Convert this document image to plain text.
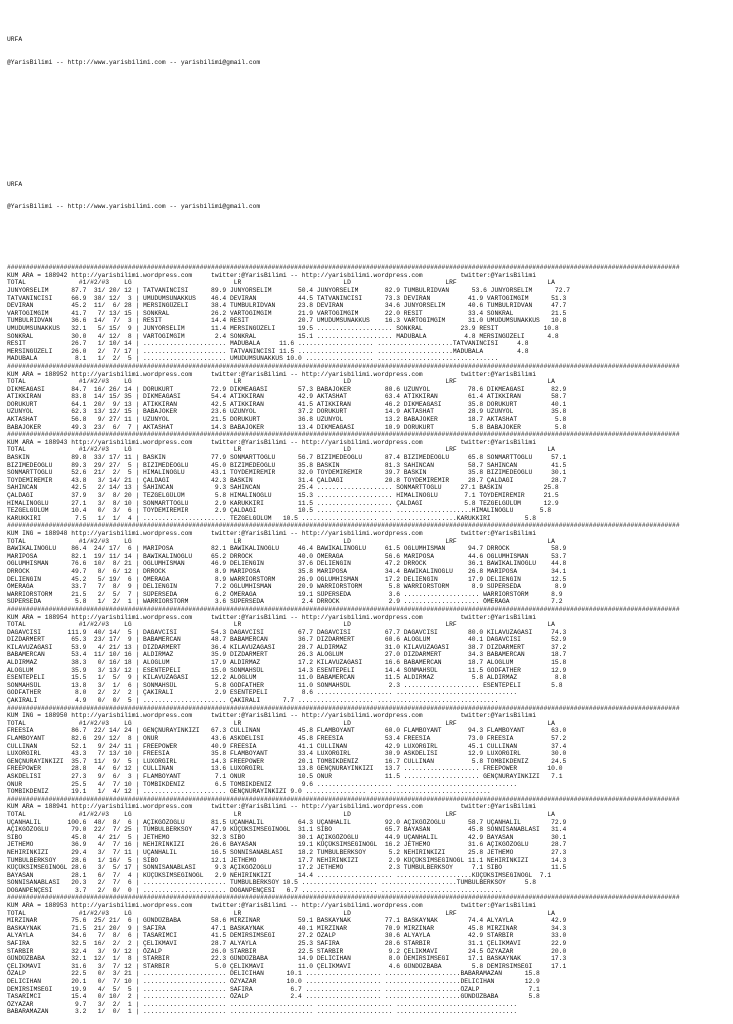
URFA

@YarisBilimi -- http://www.yarisbilimi.com -- yarisbilimi@gmail.com

URFA

@YarisBilimi -- http://www.yarisbilimi.com -- yarisbilimi@gmail.com

##################################################################################################################################################################################
KUM ARA = 188942 http://yarisbilimi.wordpress.com     twitter:@YarisBilimi -- http://yarisbilimi.wordpress.com          twitter:@YarisBilimi
TOTAL              #1/#2/#3    LG                           LR                           LD                         LRF                        LA
JUNYORSELIM      87.7  31/ 20/ 12 | TATVANINCISI      89.9 JUNYORSELIM       50.4 JUNYORSELIM       82.9 TUMBULRIDVAN      53.6 JUNYORSELIM      72.7
TATVANINCISI     66.9  38/ 12/  3 | UMUDUMSUNAKKUS    46.4 DEVIRAN           44.5 TATVANINCISI      73.3 DEVIRAN          41.9 VARTOGIMGIM      51.3
DEVIRAN          45.2  11/  6/ 28 | MERSINGÜZELI      38.4 TUMBULRIDVAN      23.8 DEVIRAN           34.6 JUNYORSELIM      40.6 TUMBULRIDVAN     47.7
VARTOGIMGIM      41.7   7/ 13/ 15 | SONKRAL           26.2 VARTOGIMGIM       21.9 VARTOGIMGIM       22.0 RESIT            33.4 SONKRAL          21.5
TUMBULRIDVAN     36.6  14/  7/  3 | RESIT             14.4 RESIT             20.7 UMUDUMSUNAKKUS    16.3 VARTOGIMGIM      31.0 UMUDUMSUNAKKUS   10.8
UMUDUMSUNAKKUS   32.1   5/ 15/  9 | JUNYORSELIM       11.4 MERSINGÜZELI      19.5 .................... SONKRAL          23.9 RESIT            10.8
SONKRAL          30.0   4/ 12/  8 | VARTOGIMGIM        2.4 SONKRAL           15.1 .................... MADUBALA          4.8 MERSINGÜZELI      4.8
RESIT            26.7   1/ 10/ 14 | ...................... MADUBALA     11.6 .................... ....................TATVANINCISI     4.8
MERSINGÜZELI     26.0   2/  7/ 17 | ...................... TATVANINCISI 11.5 .................... ....................MADUBALA         4.8
MADUBALA          8.1   1/  2/  5 | ...................... UMUDUMSUNAKKUS 10.0 .................. ................................
##################################################################################################################################################################################
KUM ARA = 188952 http://yarisbilimi.wordpress.com     twitter:@YarisBilimi -- http://yarisbilimi.wordpress.com          twitter:@YarisBilimi
TOTAL              #1/#2/#3    LG                           LR                           LD                         LRF                        LA
DIKMEAGASI       84.7  16/ 26/ 14 | DORUKURT          72.9 DIKMEAGASI        57.3 BABAJOKER         80.6 UZUNYOL          78.6 DIKMEAGASI       82.9
ATIKKIRAN        83.8  14/ 15/ 35 | DIKMEAGASI        54.4 ATIKKIRAN         42.9 AKTASHAT          63.4 ATIKKIRAN        61.4 ATIKKIRAN        58.7
DORUKURT         64.1  20/  9/ 13 | ATIKKIRAN         42.5 ATIKKIRAN         41.5 ATIKKIRAN         46.2 DIKMEAGASI       35.8 DORUKURT         40.1
UZUNYOL          62.3  13/ 12/ 15 | BABAJOKER         23.6 UZUNYOL           37.2 DORUKURT          14.9 AKTASHAT         28.9 UZUNYOL          35.8
AKTASHAT         56.8   9/ 27/ 11 | UZUNYOL           21.5 DORUKURT          36.8 UZUNYOL           13.2 BABAJOKER        18.7 AKTASHAT          5.8
BABAJOKER        49.3  23/  6/  7 | AKTASHAT          14.3 BABAJOKER         13.4 DIKMEAGASI        10.9 DORUKURT          5.8 BABAJOKER         5.8
##################################################################################################################################################################################
KUM ARA = 188943 http://yarisbilimi.wordpress.com     twitter:@YarisBilimi -- http://yarisbilimi.wordpress.com          twitter:@YarisBilimi
TOTAL              #1/#2/#3    LG                           LR                           LD                         LRF                        LA
BASKIN           89.8  33/ 17/ 11 | BASKIN            77.9 SONMARTTOGLU      56.7 BIZIMEDEOGLU      87.4 BIZIMEDEOGLU     65.8 SONMARTTOGLU     57.1
BIZIMEDEOGLU     89.3  29/ 27/  5 | BIZIMEDEOGLU      45.0 BIZIMEDEOGLU      35.8 BASKIN            81.3 SAHINCAN         58.7 SAHINCAN         41.5
SONMARTTOGLU     52.6  21/  2/  5 | HIMALINOGLU       43.1 TOYDEMIREMIR      32.0 TOYDEMIREMIR      39.7 BASKIN           35.8 BIZIMEDEOGLU     30.1
TOYDEMIREMIR     43.8   3/ 14/ 21 | ÇALDAGI           42.3 BASKIN            31.4 ÇALDAGI           20.8 TOYDEMIREMIR     28.7 ÇALDAGI          28.7
SAHINCAN         42.5   2/ 14/ 13 | SAHINCAN           9.3 SAHINCAN          25.4 .................... SONMARTTOGLU     27.1 BASKIN           25.8
ÇALDAGI          37.9   3/  8/ 20 | TEZGELGÜLÜM        5.8 HIMALINOGLU       15.3 .................... HIMALINOGLU       7.1 TOYDEMIREMIR     21.5
HIMALINOGLU      27.1   3/  8/ 10 | SONMARTTOGLU       2.9 KARUKKIRI         11.5 .................... ÇALDAGI           5.8 TEZGELGÜLÜM      12.9
TEZGELGÜLÜM      10.4   0/  3/  6 | TOYDEMIREMIR       2.9 ÇALDAGI           10.5 .................... ....................HIMALINOGLU       5.8
KARUKKIRI         7.5   1/  1/  4 | ...................... TEZGELGÜLÜM   10.5 .................... ....................KARUKKIRI         5.8
##################################################################################################################################################################################
KUM ING = 188948 http://yarisbilimi.wordpress.com     twitter:@YarisBilimi -- http://yarisbilimi.wordpress.com          twitter:@YarisBilimi
TOTAL              #1/#2/#3    LG                           LR                           LD                         LRF                        LA
BAWIKALINOGLU    86.4  24/ 17/  6 | MARIPOSA          82.1 BAWIKALINOGLU     46.4 BAWIKALINOGLU     61.5 OGLUMHISMAN      94.7 DRROCK           58.9
MARIPOSA         82.1  19/ 11/ 14 | BAWIKALINOGLU     65.2 DRROCK            40.0 ÖMERAGA           56.6 MARIPOSA         44.6 OGLUMHISMAN      53.7
OGLUMHISMAN      76.6  10/  8/ 21 | OGLUMHISMAN       46.9 DELIENGIN         37.6 DELIENGIN         47.2 DRROCK           36.1 BAWIKALINOGLU    44.8
DRROCK           49.7   8/  6/ 12 | DRROCK             8.9 MARIPOSA          35.8 MARIPOSA          34.4 BAWIKALINOGLU    26.8 MARIPOSA         34.1
DELIENGIN        45.2   5/ 19/  6 | ÖMERAGA            8.9 WARRIORSTORM      26.9 OGLUMHISMAN       17.2 DELIENGIN        17.9 DELIENGIN        12.5
ÖMERAGA          33.7   7/  8/  9 | DELIENGIN          7.2 OGLUMHISMAN       20.9 WARRIORSTORM       5.8 WARRIORSTORM      8.9 SÜPERSEDA         8.9
WARRIORSTORM     21.5   2/  5/  7 | SÜPERSEDA          6.2 ÖMERAGA           19.1 SÜPERSEDA          3.6 .................... WARRIORSTORM      8.9
SÜPERSEDA         5.8   1/  2/  1 | WARRIORSTORM       3.6 SÜPERSEDA          2.4 DRROCK             2.9 .................... ÖMERAGA           7.2
##################################################################################################################################################################################
KUM ARA = 188954 http://yarisbilimi.wordpress.com     twitter:@YarisBilimi -- http://yarisbilimi.wordpress.com          twitter:@YarisBilimi
TOTAL              #1/#2/#3    LG                           LR                           LD                         LRF                        LA
DAGAVCISI       111.9  40/ 14/  5 | DAGAVCISI         54.3 DAGAVCISI         67.7 DAGAVCISI         67.7 DAGAVCISI        80.0 KILAVUZAGASI     74.3
DIZDARMERT       65.3  23/ 17/  9 | BABAMERCAN        48.7 BABAMERCAN        36.7 DIZDARMERT        60.6 ALOGLUM          40.1 DAGAVCISI        52.9
KILAVUZAGASI     53.9   4/ 21/ 13 | DIZDARMERT        36.4 KILAVUZAGASI      28.7 ALDIRMAZ          31.0 KILAVUZAGASI     38.7 DIZDARMERT       37.2
BABAMERCAN       53.4  11/ 10/ 16 | ALDIRMAZ          35.9 DIZDARMERT        26.3 ALOGLUM           27.0 DIZDARMERT       34.3 BABAMERCAN       18.7
ALDIRMAZ         38.3   0/ 16/ 18 | ALOGLUM           17.9 ALDIRMAZ          17.2 KILAVUZAGASI      16.6 BABAMERCAN       18.7 ALOGLUM          15.8
ALOGLUM          35.9   3/ 13/ 12 | ESENTEPELI        15.0 SONMAHSÜL         14.3 ESENTEPELI        14.4 SONMAHSÜL        11.5 GODFATHER        12.9
ESENTEPELI       15.5   1/  5/  9 | KILAVUZAGASI      12.2 ALOGLUM           11.0 BABAMERCAN        11.5 ALDIRMAZ          5.8 ALDIRMAZ          8.8
SONMAHSÜL        13.8   3/  1/  6 | SONMAHSÜL          5.8 GODFATHER         11.0 SONMAHSÜL          2.3 .................... ESENTEPELI        5.8
GODFATHER         8.0   2/  2/  2 | ÇAKIRALI           2.9 ESENTEPELI         8.6 .................... ................................
ÇAKIRALI          4.9   0/  0/  5 | ...................... ÇAKIRALI      7.7 .................... ................................
##################################################################################################################################################################################
KUM ING = 188950 http://yarisbilimi.wordpress.com     twitter:@YarisBilimi -- http://yarisbilimi.wordpress.com          twitter:@YarisBilimi
TOTAL              #1/#2/#3    LG                           LR                           LD                         LRF                        LA
FREESIA          86.7  22/ 14/ 24 | GENÇNURAYINKIZI   67.3 CULLINAN          45.8 FLAMBOYANT        60.0 FLAMBOYANT       94.3 FLAMBOYANT       63.0
FLAMBOYANT       82.6  29/ 12/  8 | ONUR              43.6 ASKDELISI         45.8 FREESIA           53.4 FREESIA          73.0 FREESIA          57.2
CULLINAN         52.1   9/ 24/ 11 | FREEPOWER         40.9 FREESIA           41.1 CULLINAN          42.9 LUXORGIRL        45.1 CULLINAN         37.4
LUXORGIRL        43.3   7/ 13/ 10 | FREESIA           35.8 FLAMBOYANT        33.4 LUXORGIRL         30.9 ASKDELISI        12.9 LUXORGIRL        30.0
GENÇNURAYINKIZI  35.7  11/  9/  5 | LUXORGIRL         14.3 FREEPOWER         20.1 TOMBIKDENIZ       16.7 CULLINAN          5.8 TOMBIKDENIZ      24.5
FREEPOWER        28.8   4/  6/ 12 | CULLINAN          13.6 LUXORGIRL         13.8 GENÇNURAYINKIZI   13.7 .................... FREEPOWER        10.0
ASKDELISI        27.3   9/  6/  3 | FLAMBOYANT         7.1 ONUR              10.5 ONUR              11.5 .................... GENÇNURAYINKIZI   7.1
ONUR             25.5   4/  7/ 10 | TOMBIKDENIZ        6.5 TOMBIKDENIZ        9.6 .................... ................................
TOMBIKDENIZ      19.1   1/  4/ 12 | ...................... GENÇNURAYINKIZI 9.0 ................ ................................
##################################################################################################################################################################################
KUM ARA = 188941 http://yarisbilimi.wordpress.com     twitter:@YarisBilimi -- http://yarisbilimi.wordpress.com          twitter:@YarisBilimi
TOTAL              #1/#2/#3    LG                           LR                           LD                         LRF                        LA
UÇANHALIL       100.6  48/  8/  6 | AÇIKGÖZOGLU       81.5 UÇANHALIL         64.3 UÇANHALIL         92.0 AÇIKGÖZOGLU      58.7 UÇANHALIL        72.9
AÇIKGÖZOGLU      79.0  22/  7/ 25 | TUMBULBERKSOY     47.9 KÜÇÜKSIMSEGINOGL  31.1 SIBO              65.7 BAYASAN          45.8 SONNISANABLASI   31.4
SIBO             45.8   4/ 21/  5 | JETHEMO           32.3 SIBO              30.1 AÇIKGÖZOGLU       44.9 UÇANHALIL        42.9 BAYASAN          30.1
JETHEMO          36.9   4/  7/ 16 | NEHIRINKIZI       26.6 BAYASAN           19.1 KÜÇÜKSIMSEGINOGL  16.2 JETHEMO          31.6 AÇIKGÖZOGLU      28.7
NEHIRINKIZI      29.4   3/  7/ 11 | UÇANHALIL         16.5 SONNISANABLASI    18.2 TUMBULBERKSOY      5.2 NEHIRINKIZI      25.8 JETHEMO          27.3
TUMBULBERKSOY    28.6   1/ 16/  5 | SIBO              12.1 JETHEMO           17.7 NEHIRINKIZI        2.9 KÜÇÜKSIMSEGINOGL 11.1 NEHIRINKIZI      14.3
KÜÇÜKSIMSEGINOGL 28.6   3/  5/ 17 | SONNISANABLASI     9.3 AÇIKGÖZOGLU       17.2 JETHEMO            2.3 TUMBULBERKSOY     7.1 SIBO             11.5
BAYASAN          28.1   6/  7/  4 | KÜÇÜKSIMSEGINOGL   2.9 NEHIRINKIZI       14.4 .................... ....................KÜÇÜKSIMSEGINOGL  7.1
SONNISANABLASI   20.3   2/  7/  6 | ...................... TUMBULBERKSOY 10.5 .................... ....................TUMBULBERKSOY     5.8
DOGANPENÇESI      3.7   2/  0/  0 | ...................... DOGANPENÇESI   6.7 .................... ................................
##################################################################################################################################################################################
KUM ARA = 188953 http://yarisbilimi.wordpress.com     twitter:@YarisBilimi -- http://yarisbilimi.wordpress.com          twitter:@YarisBilimi
TOTAL              #1/#2/#3    LG                           LR                           LD                         LRF                        LA
MIRZINAR         75.6  25/ 21/  6 | GÜNDÜZBABA        58.6 MIRZINAR          59.1 BASKAYNAK         77.1 BASKAYNAK        74.4 ALYAYLA          42.9
BASKAYNAK        71.5  21/ 20/  9 | SAFIRA            47.1 BASKAYNAK         40.1 MIRZINAR          70.9 MIRZINAR         45.8 MIRZINAR         34.3
ALYAYLA          34.6   7/  8/  6 | TASARIMCI         41.5 DEMIRSIMSEGI      27.2 ÖZALP             30.6 ALYAYLA          42.9 STARBIR          33.0
SAFIRA           32.5  16/  2/  2 | ÇELIKMAVI         28.7 ALYAYLA           25.3 SAFIRA            28.6 STARBIR          31.1 ÇELIKMAVI        22.9
STARBIR          32.4   3/  9/ 12 | ÖZALP             26.0 STARBIR           22.5 STARBIR            9.2 ÇELIKMAVI        24.5 ÖZYAZAR          20.0
GÜNDÜZBABA       32.1  12/  1/  8 | STARBIR           22.3 GÜNDÜZBABA        14.9 DELICIHAN          8.0 DEMIRSIMSEGI     17.1 BASKAYNAK        17.3
ÇELIKMAVI        31.6   3/  7/ 12 | STARBIR            5.0 ÇELIKMAVI         11.0 ÇELIKMAVI          4.6 GÜNDÜZBABA        5.8 DEMIRSIMSEGI     17.1
ÖZALP            22.5   0/  3/ 21 | ...................... DELICIHAN      10.1 .................... ....................BABARAMAZAN      15.8
DELICIHAN        20.1   0/  7/ 10 | ...................... ÖZYAZAR        10.0 .................... ....................DELICIHAN        12.9
DEMIRSIMSEGI     19.9   4/  5/  5 | ...................... SAFIRA          6.7 .................... ....................ÖZALP             7.1
TASARIMCI        15.4   0/ 10/  2 | ...................... ÖZALP           2.4 .................... ....................GÜNDÜZBABA        5.8
ÖZYAZAR           9.7   3/  2/  1 | ...................... ...................... .................... ................................
BABARAMAZAN       3.2   1/  0/  1 | ...................... ...................... .................... ................................
